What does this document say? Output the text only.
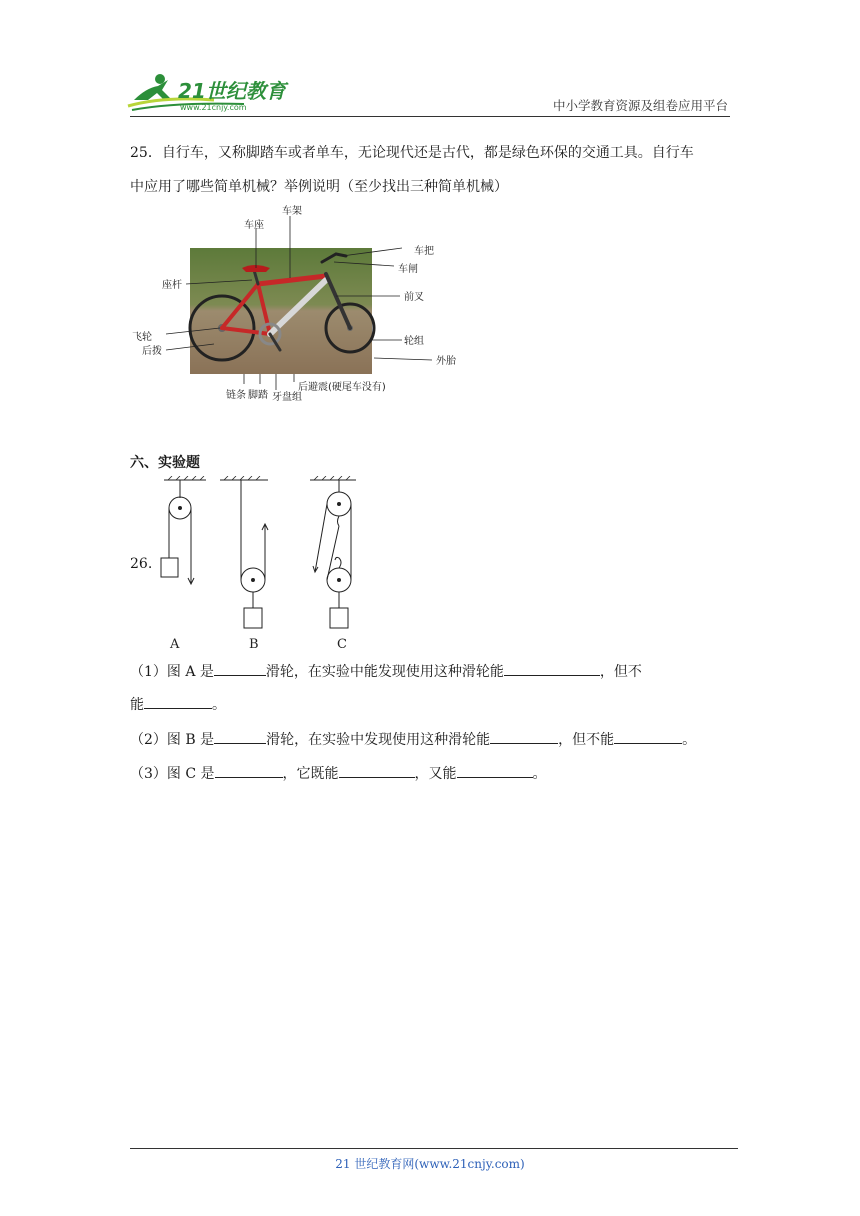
21世纪教育
www.21cnjy.com	中小学教育资源及组卷应用平台
25．自行车，又称脚踏车或者单车，无论现代还是古代，都是绿色环保的交通工具。自行车
中应用了哪些简单机械？举例说明（至少找出三种简单机械）
车座
车架
车把
车闸
座杆
前叉
飞轮
后拨
轮组
外胎
链条 脚踏 牙盘组
后避震(硬尾车没有)
六、实验题
26.
A	B	C
（1）图 A 是	滑轮，在实验中能发现使用这种滑轮能	，但不
能	。
（2）图 B 是	滑轮，在实验中发现使用这种滑轮能	，但不能	。
（3）图 C 是	，它既能	，又能	。
21 世纪教育网(www.21cnjy.com)
